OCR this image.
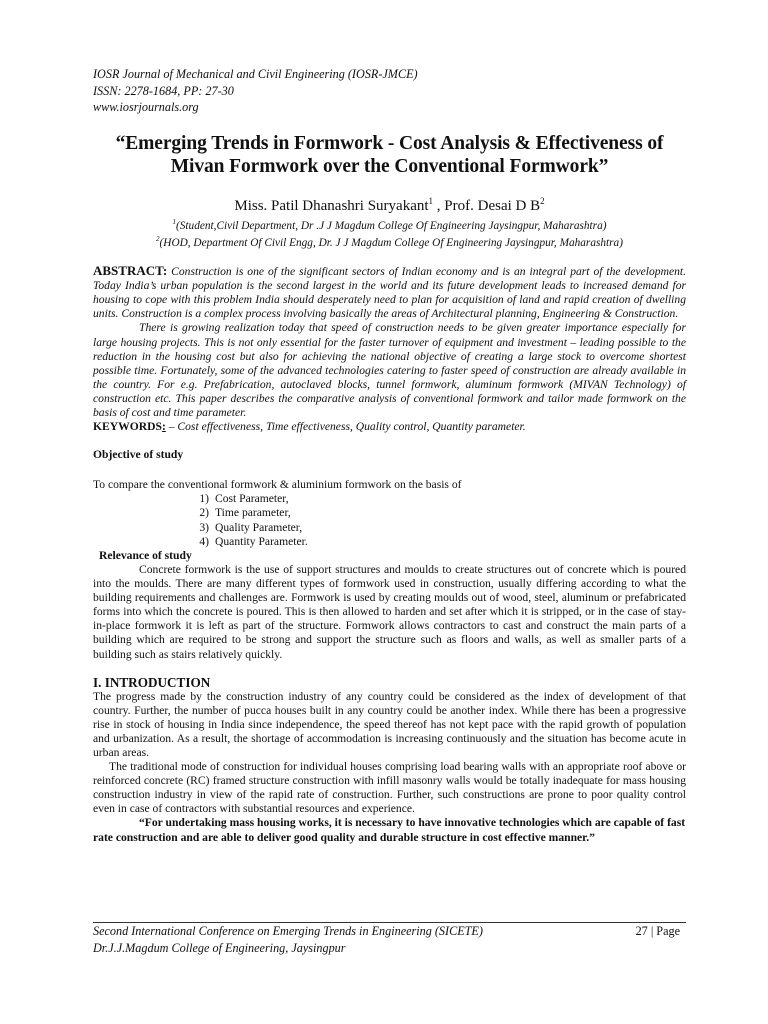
IOSR Journal of Mechanical and Civil Engineering (IOSR-JMCE)
ISSN: 2278-1684, PP: 27-30
www.iosrjournals.org
“Emerging Trends in Formwork - Cost Analysis & Effectiveness of Mivan Formwork over the Conventional Formwork”
Miss. Patil Dhanashri Suryakant$^1$ , Prof. Desai D $B^2$
$^1$(Student,Civil Department, Dr .J J Magdum College Of Engineering Jaysingpur, Maharashtra)
$^2$(HOD, Department Of Civil Engg, Dr. J J Magdum College Of Engineering Jaysingpur, Maharashtra)

ABSTRACT: Construction is one of the significant sectors of Indian economy and is an integral part of the development. Today India’s urban population is the second largest in the world and its future development leads to increased demand for housing to cope with this problem India should desperately need to plan for acquisition of land and rapid creation of dwelling units. Construction is a complex process involving basically the areas of Architectural planning, Engineering & Construction.

There is growing realization today that speed of construction needs to be given greater importance especially for large housing projects. This is not only essential for the faster turnover of equipment and investment – leading possible to the reduction in the housing cost but also for achieving the national objective of creating a large stock to overcome shortest possible time. Fortunately, some of the advanced technologies catering to faster speed of construction are already available in the country. For e.g. Prefabrication, autoclaved blocks, tunnel formwork, aluminum formwork (MIVAN Technology) of construction etc. This paper describes the comparative analysis of conventional formwork and tailor made formwork on the basis of cost and time parameter.

KEYWORDS: – Cost effectiveness, Time effectiveness, Quality control, Quantity parameter.

Objective of study

To compare the conventional formwork & aluminium formwork on the basis of

1) Cost Parameter,
2) Time parameter,
3) Quality Parameter,
4) Quantity Parameter.
Relevance of study

Concrete formwork is the use of support structures and moulds to create structures out of concrete which is poured into the moulds. There are many different types of formwork used in construction, usually differing according to what the building requirements and challenges are. Formwork is used by creating moulds out of wood, steel, aluminum or prefabricated forms into which the concrete is poured. This is then allowed to harden and set after which it is stripped, or in the case of stay-in-place formwork it is left as part of the structure. Formwork allows contractors to cast and construct the main parts of a building which are required to be strong and support the structure such as floors and walls, as well as smaller parts of a building such as stairs relatively quickly.

I. INTRODUCTION

The progress made by the construction industry of any country could be considered as the index of development of that country. Further, the number of pucca houses built in any country could be another index. While there has been a progressive rise in stock of housing in India since independence, the speed thereof has not kept pace with the rapid growth of population and urbanization. As a result, the shortage of accommodation is increasing continuously and the situation has become acute in urban areas.

The traditional mode of construction for individual houses comprising load bearing walls with an appropriate roof above or reinforced concrete (RC) framed structure construction with infill masonry walls would be totally inadequate for mass housing construction industry in view of the rapid rate of construction. Further, such constructions are prone to poor quality control even in case of contractors with substantial resources and experience.

“For undertaking mass housing works, it is necessary to have innovative technologies which are capable of fast rate construction and are able to deliver good quality and durable structure in cost effective manner.”

Second International Conference on Emerging Trends in Engineering (SICETE)	27 | Page
Dr.J.J.Magdum College of Engineering, Jaysingpur
